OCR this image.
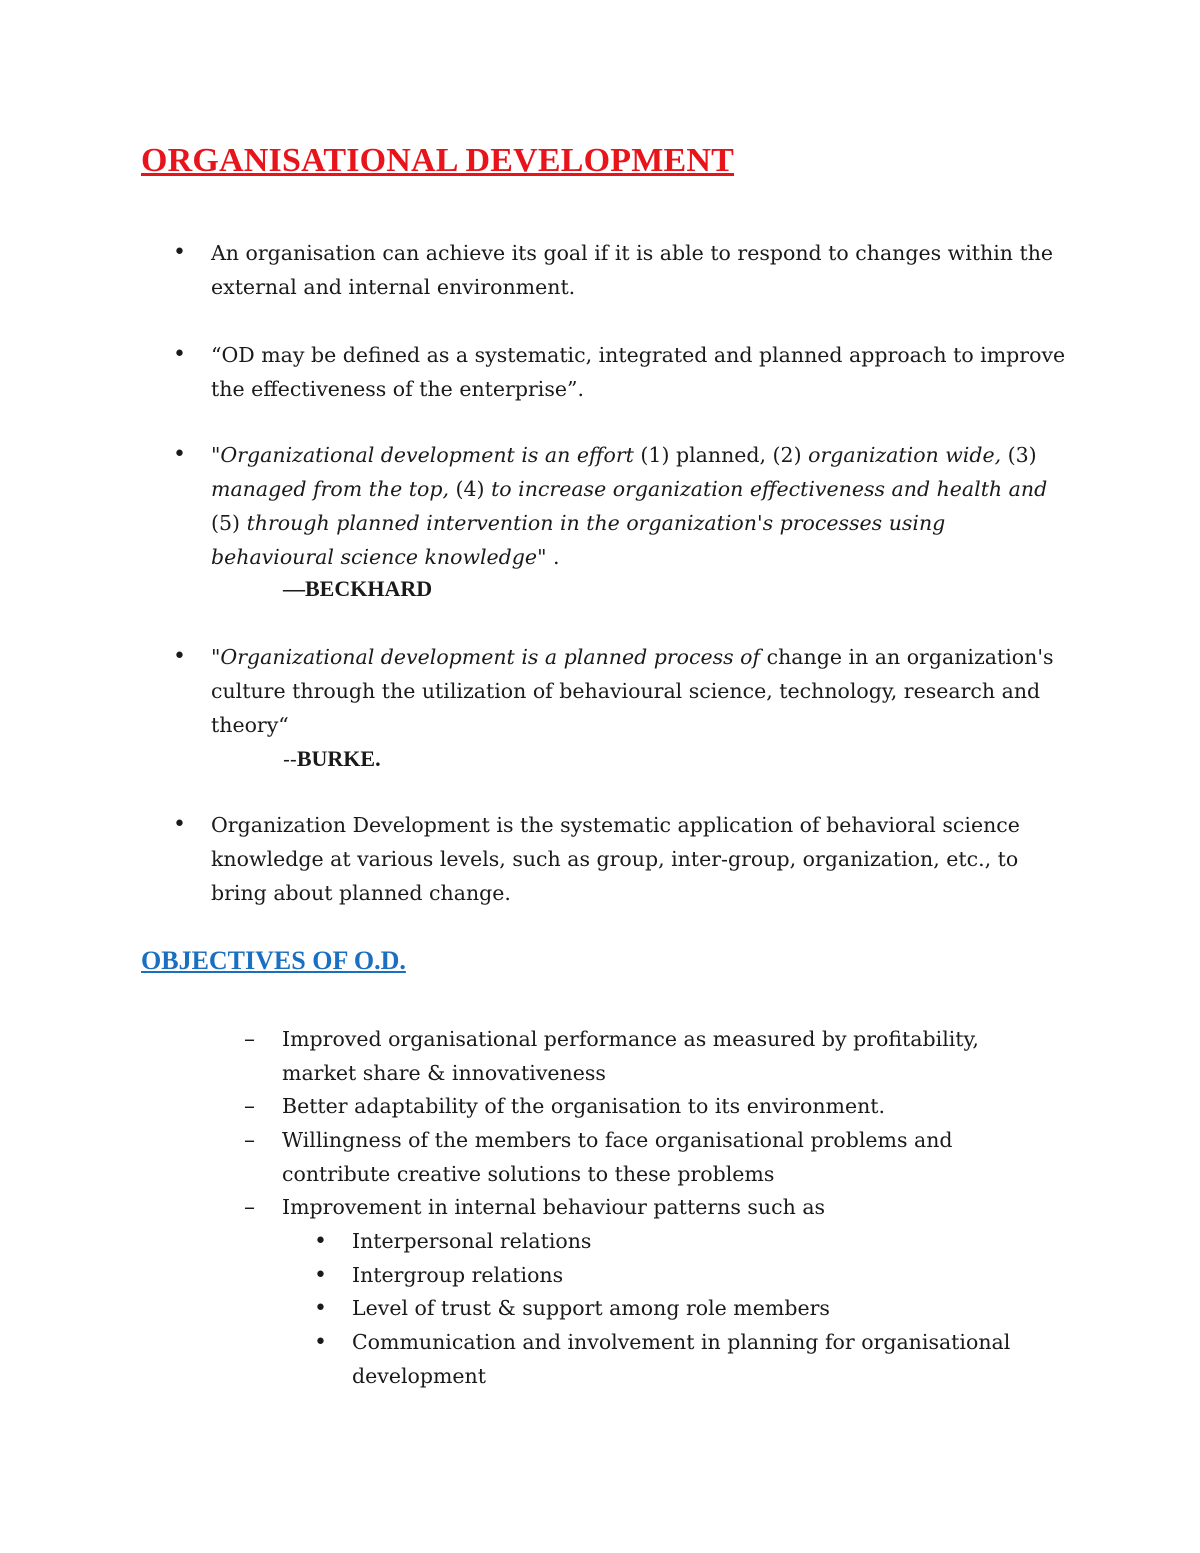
ORGANISATIONAL DEVELOPMENT
• An organisation can achieve its goal if it is able to respond to changes within the external and internal environment.
• “OD may be defined as a systematic, integrated and planned approach to improve the effectiveness of the enterprise”.
• "Organizational development is an effort (1) planned, (2) organization wide, (3) managed from the top, (4) to increase organization effectiveness and health and (5) through planned intervention in the organization's processes using behavioural science knowledge" .
—BECKHARD
• "Organizational development is a planned process of change in an organization's culture through the utilization of behavioural science, technology, research and theory“
--BURKE.
• Organization Development is the systematic application of behavioral science knowledge at various levels, such as group, inter-group, organization, etc., to bring about planned change.
OBJECTIVES OF O.D.
– Improved organisational performance as measured by profitability, market share & innovativeness
– Better adaptability of the organisation to its environment.
– Willingness of the members to face organisational problems and contribute creative solutions to these problems
– Improvement in internal behaviour patterns such as
• Interpersonal relations
• Intergroup relations
• Level of trust & support among role members
• Communication and involvement in planning for organisational development
